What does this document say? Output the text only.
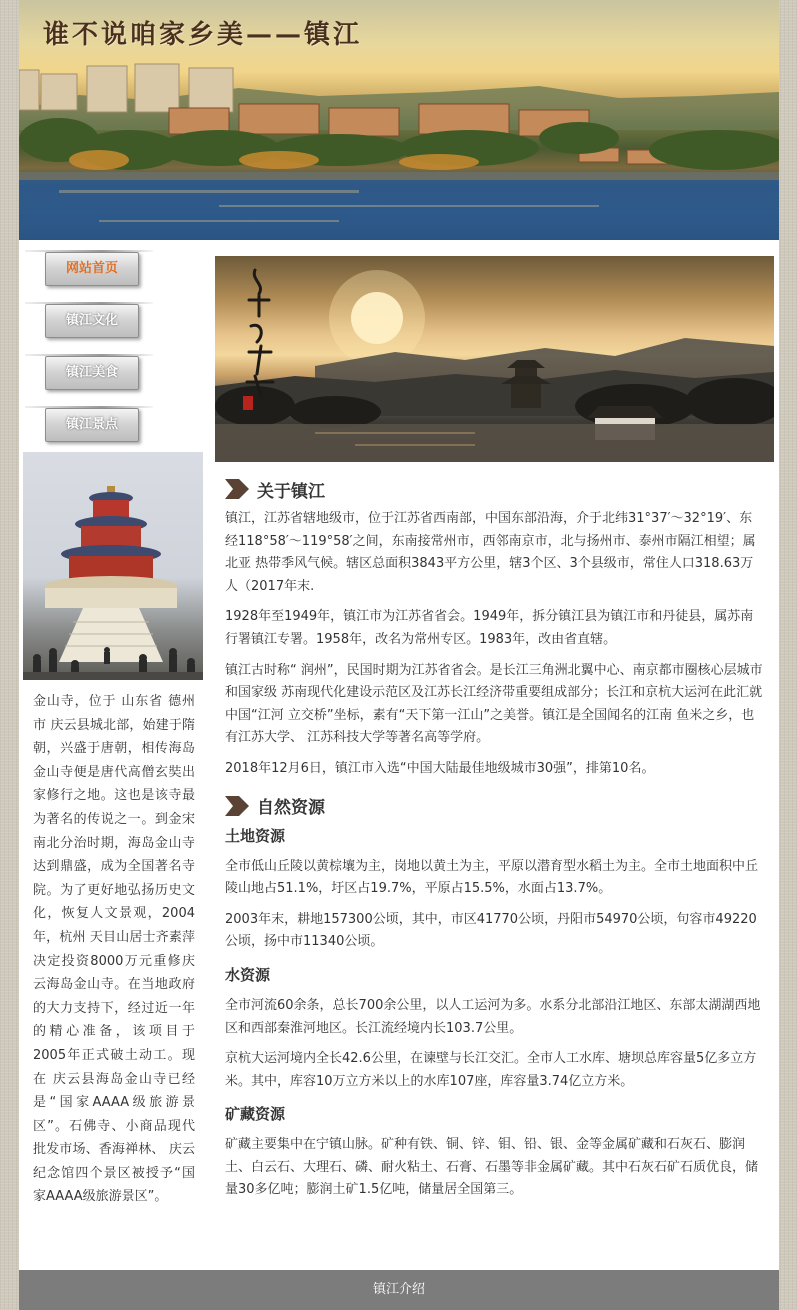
谁不说咱家乡美——镇江
网站首页
镇江文化
镇江美食
镇江景点
金山寺，位于 山东省 德州市 庆云县城北部，始建于隋朝，兴盛于唐朝，相传海岛金山寺便是唐代高僧玄奘出家修行之地。这也是该寺最为著名的传说之一。到金宋南北分治时期，海岛金山寺达到鼎盛，成为全国著名寺院。为了更好地弘扬历史文化，恢复人文景观，2004年，杭州 天目山居士齐素萍决定投资8000万元重修庆云海岛金山寺。在当地政府的大力支持下，经过近一年的精心准备，该项目于2005年正式破土动工。现在 庆云县海岛金山寺已经是“国家AAAA级旅游景区”。石佛寺、小商品现代批发市场、香海禅林、 庆云纪念馆四个景区被授予“国家AAAA级旅游景区”。
关于镇江

镇江，江苏省辖地级市，位于江苏省西南部，中国东部沿海，介于北纬31°37′～32°19′、东经118°58′～119°58′之间，东南接常州市，西邻南京市，北与扬州市、泰州市隔江相望；属北亚 热带季风气候。辖区总面积3843平方公里，辖3个区、3个县级市，常住人口318.63万人（2017年末.

1928年至1949年，镇江市为江苏省省会。1949年，拆分镇江县为镇江市和丹徒县，属苏南行署镇江专署。1958年，改名为常州专区。1983年，改由省直辖。

镇江古时称“ 润州”，民国时期为江苏省省会。是长江三角洲北翼中心、南京都市圈核心层城市和国家级 苏南现代化建设示范区及江苏长江经济带重要组成部分；长江和京杭大运河在此汇就中国“江河 立交桥”坐标，素有“天下第一江山”之美誉。镇江是全国闻名的江南 鱼米之乡，也有江苏大学、 江苏科技大学等著名高等学府。

2018年12月6日，镇江市入选“中国大陆最佳地级城市30强”，排第10名。

自然资源
土地资源

全市低山丘陵以黄棕壤为主，岗地以黄土为主，平原以潜育型水稻土为主。全市土地面积中丘陵山地占51.1%，圩区占19.7%，平原占15.5%，水面占13.7%。

2003年末，耕地157300公顷，其中，市区41770公顷，丹阳市54970公顷，句容市49220公顷，扬中市11340公顷。

水资源

全市河流60余条，总长700余公里，以人工运河为多。水系分北部沿江地区、东部太湖湖西地区和西部秦淮河地区。长江流经境内长103.7公里。

京杭大运河境内全长42.6公里，在谏壁与长江交汇。全市人工水库、塘坝总库容量5亿多立方米。其中，库容10万立方米以上的水库107座，库容量3.74亿立方米。

矿藏资源

矿藏主要集中在宁镇山脉。矿种有铁、铜、锌、钼、铅、银、金等金属矿藏和石灰石、膨润土、白云石、大理石、磷、耐火粘土、石膏、石墨等非金属矿藏。其中石灰石矿石质优良，储量30多亿吨；膨润土矿1.5亿吨，储量居全国第三。

镇江介绍
